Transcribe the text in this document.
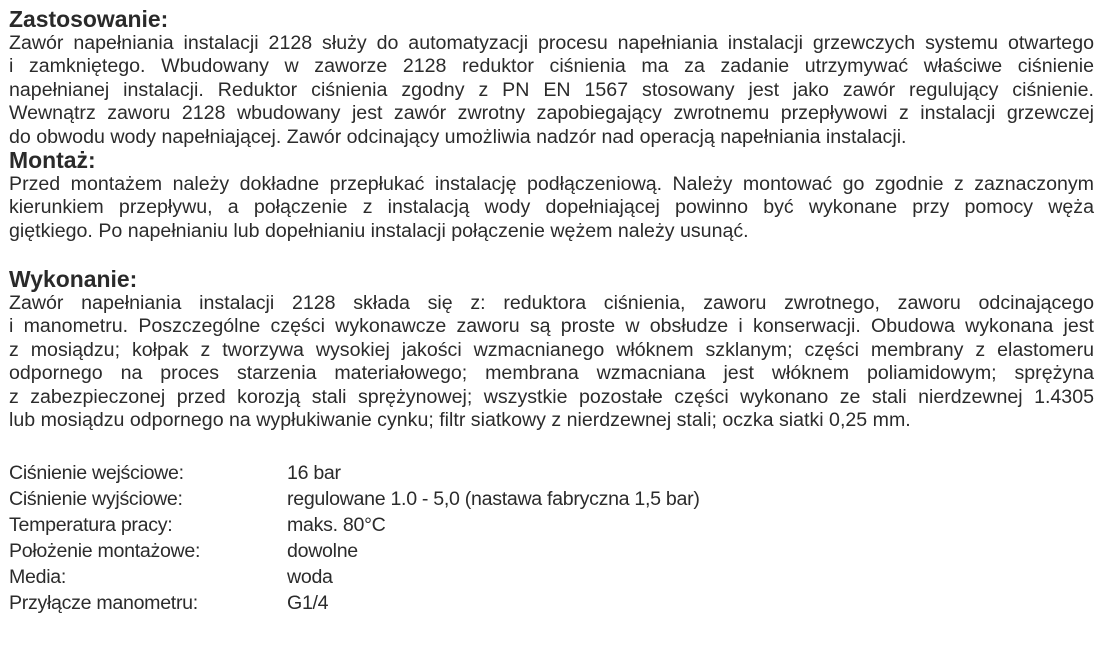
Zastosowanie:

Zawór napełniania instalacji 2128 służy do automatyzacji procesu napełniania instalacji grzewczych systemu otwartego
i zamkniętego. Wbudowany w zaworze 2128 reduktor ciśnienia ma za zadanie utrzymywać właściwe ciśnienie
napełnianej instalacji. Reduktor ciśnienia zgodny z PN EN 1567 stosowany jest jako zawór regulujący ciśnienie.
Wewnątrz zaworu 2128 wbudowany jest zawór zwrotny zapobiegający zwrotnemu przepływowi z instalacji grzewczej
do obwodu wody napełniającej. Zawór odcinający umożliwia nadzór nad operacją napełniania instalacji.

Montaż:

Przed montażem należy dokładne przepłukać instalację podłączeniową. Należy montować go zgodnie z zaznaczonym
kierunkiem przepływu, a połączenie z instalacją wody dopełniającej powinno być wykonane przy pomocy węża
giętkiego. Po napełnianiu lub dopełnianiu instalacji połączenie wężem należy usunąć.

Wykonanie:

Zawór napełniania instalacji 2128 składa się z: reduktora ciśnienia, zaworu zwrotnego, zaworu odcinającego
i manometru. Poszczególne części wykonawcze zaworu są proste w obsłudze i konserwacji. Obudowa wykonana jest
z mosiądzu; kołpak z tworzywa wysokiej jakości wzmacnianego włóknem szklanym; części membrany z elastomeru
odpornego na proces starzenia materiałowego; membrana wzmacniana jest włóknem poliamidowym; sprężyna
z zabezpieczonej przed korozją stali sprężynowej; wszystkie pozostałe części wykonano ze stali nierdzewnej 1.4305
lub mosiądzu odpornego na wypłukiwanie cynku; filtr siatkowy z nierdzewnej stali; oczka siatki 0,25 mm.

Ciśnienie wejściowe:	16 bar
Ciśnienie wyjściowe:	regulowane 1.0 - 5,0 (nastawa fabryczna 1,5 bar)
Temperatura pracy:	maks. 80°C
Położenie montażowe:	dowolne
Media:	woda
Przyłącze manometru:	G1/4
